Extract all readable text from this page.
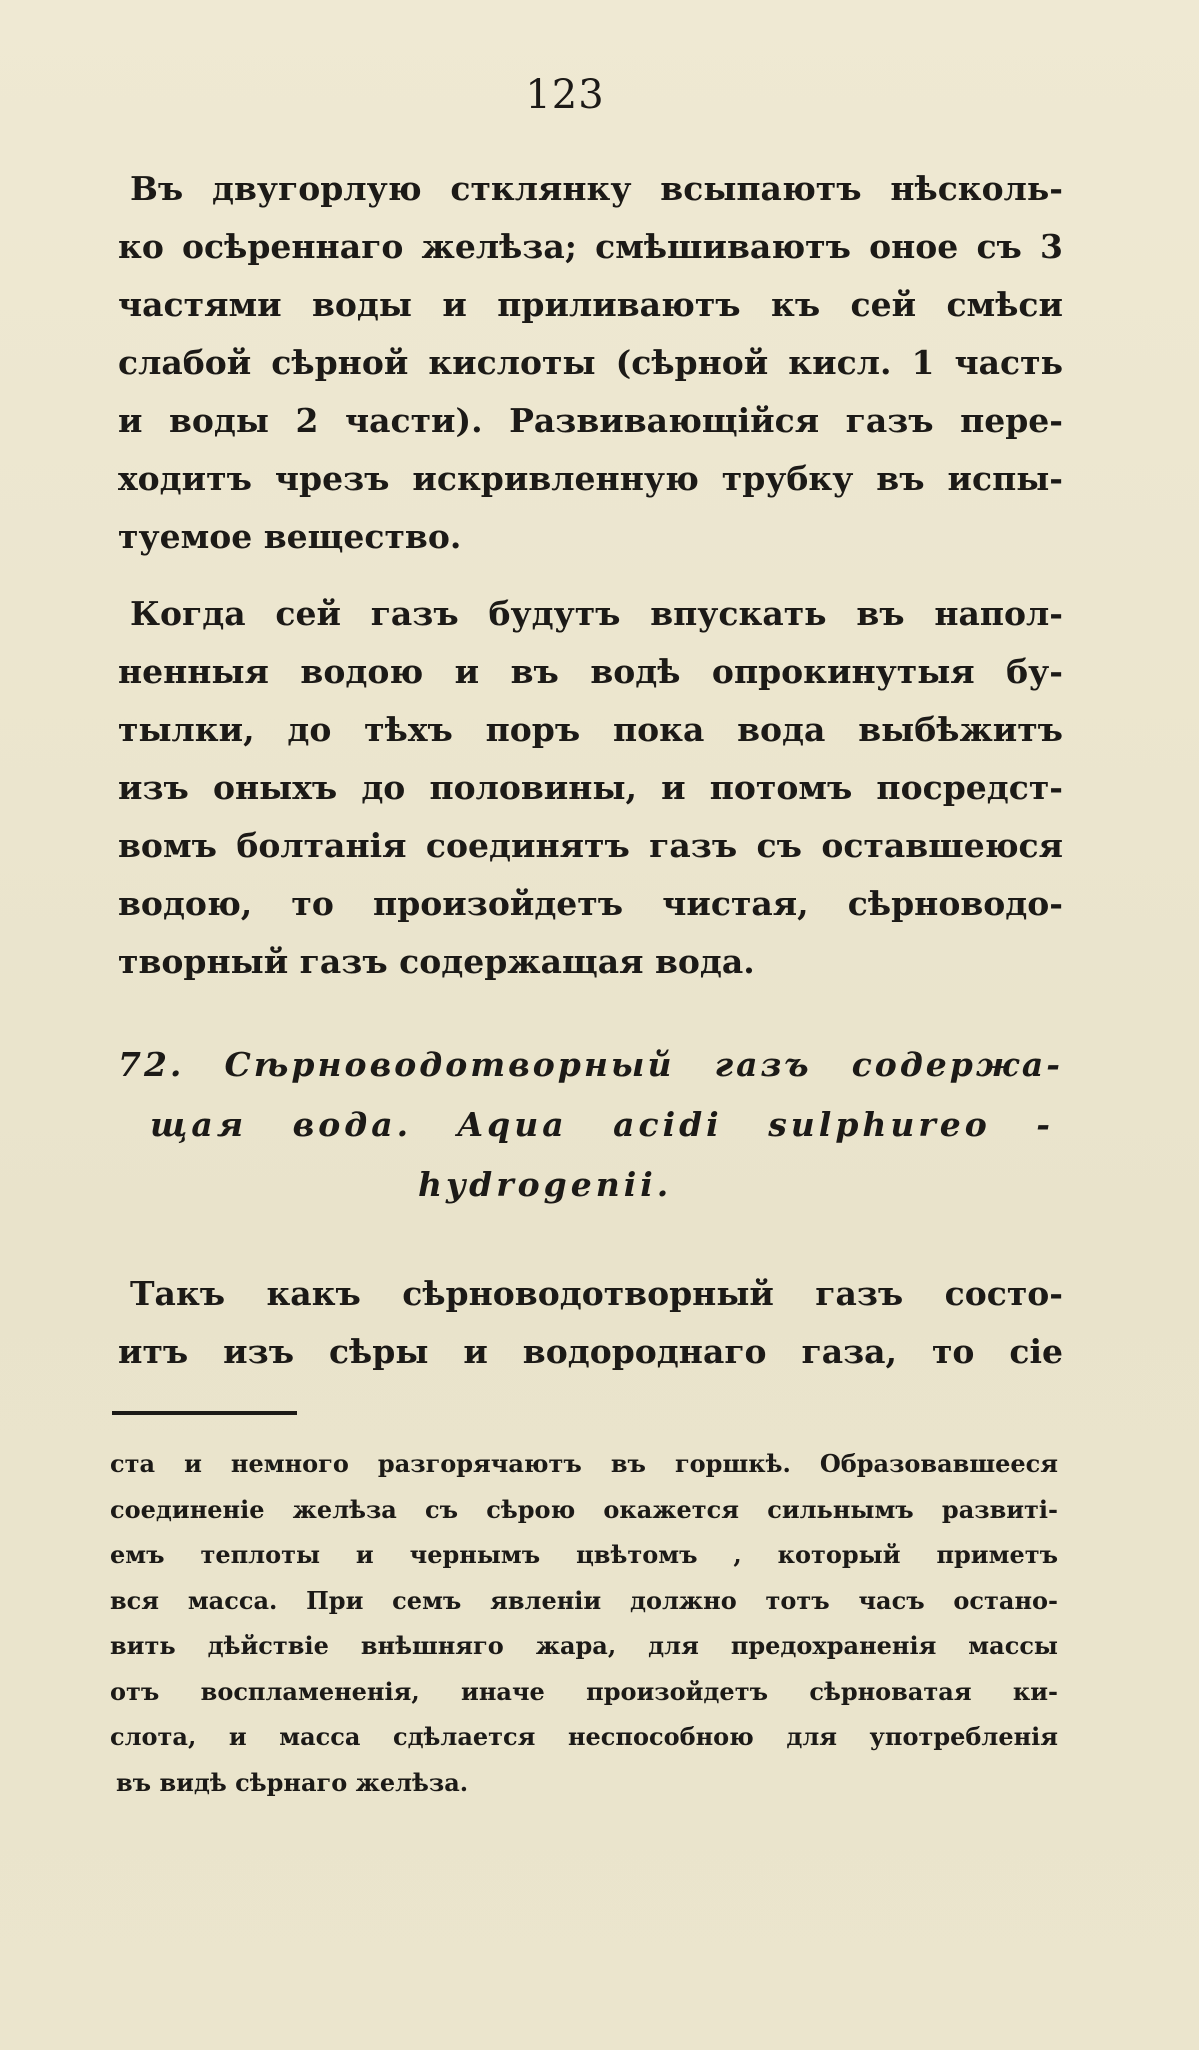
123
Въ двугорлую стклянку всыпаютъ нѣсколь-
ко осѣреннаго желѣза; смѣшиваютъ оное съ 3
частями воды и приливаютъ къ сей смѣси
слабой сѣрной кислоты (сѣрной кисл. 1 часть
и воды 2 части). Развивающійся газъ пере-
ходитъ чрезъ искривленную трубку въ испы-
туемое вещество.
Когда сей газъ будутъ впускать въ напол-
ненныя водою и въ водѣ опрокинутыя бу-
тылки, до тѣхъ поръ пока вода выбѣжитъ
изъ оныхъ до половины, и потомъ посредст-
вомъ болтанія соединятъ газъ съ оставшеюся
водою, то произойдетъ чистая, сѣрноводо-
творный газъ содержащая вода.
72. Сѣрноводотворный газъ содержа-
щая вода. Aqua acidi sulphureo -
hydrogenii.
Такъ какъ сѣрноводотворный газъ состо-
итъ изъ сѣры и водороднаго газа, то сіе
ста и немного разгорячаютъ въ горшкѣ. Образовавшееся
соединеніе желѣза съ сѣрою окажется сильнымъ развиті-
емъ теплоты и чернымъ цвѣтомъ , который приметъ
вся масса. При семъ явленіи должно тотъ часъ остано-
вить дѣйствіе внѣшняго жара, для предохраненія массы
отъ воспламененія, иначе произойдетъ сѣрноватая ки-
слота, и масса сдѣлается неспособною для употребленія
въ видѣ сѣрнаго желѣза.
